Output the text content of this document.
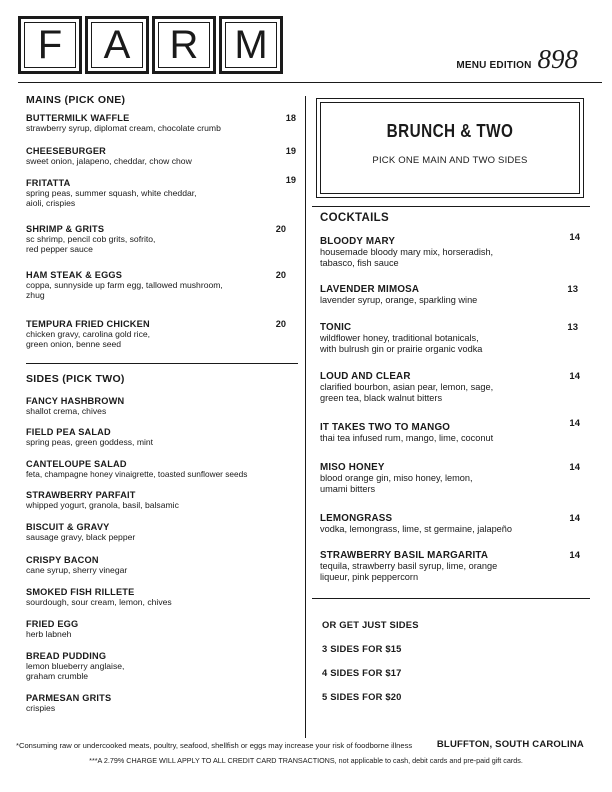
F A R M	MENU EDITION 898
MAINS (PICK ONE)
BUTTERMILK WAFFLE	18
strawberry syrup, diplomat cream, chocolate crumb
CHEESEBURGER	19
sweet onion, jalapeno, cheddar, chow chow
FRITATTA	19
spring peas, summer squash, white cheddar,
aioli, crispies
SHRIMP & GRITS	20
sc shrimp, pencil cob grits, sofrito,
red pepper sauce
HAM STEAK & EGGS	20
coppa, sunnyside up farm egg, tallowed mushroom,
zhug
TEMPURA FRIED CHICKEN	20
chicken gravy, carolina gold rice,
green onion, benne seed
SIDES (PICK TWO)
FANCY HASHBROWN
shallot crema, chives
FIELD PEA SALAD
spring peas, green goddess, mint
CANTELOUPE SALAD
feta, champagne honey vinaigrette, toasted sunflower seeds
STRAWBERRY PARFAIT
whipped yogurt, granola, basil, balsamic
BISCUIT & GRAVY
sausage gravy, black pepper
CRISPY BACON
cane syrup, sherry vinegar
SMOKED FISH RILLETE
sourdough, sour cream, lemon, chives
FRIED EGG
herb labneh
BREAD PUDDING
lemon blueberry anglaise,
graham crumble
PARMESAN GRITS
crispies
BRUNCH & TWO
PICK ONE MAIN AND TWO SIDES
COCKTAILS
BLOODY MARY	14
housemade bloody mary mix, horseradish,
tabasco, fish sauce
LAVENDER MIMOSA	13
lavender syrup, orange, sparkling wine
TONIC	13
wildflower honey, traditional botanicals,
with bulrush gin or prairie organic vodka
LOUD AND CLEAR	14
clarified bourbon, asian pear, lemon, sage,
green tea, black walnut bitters
IT TAKES TWO TO MANGO	14
thai tea infused rum, mango, lime, coconut
MISO HONEY	14
blood orange gin, miso honey, lemon,
umami bitters
LEMONGRASS	14
vodka, lemongrass, lime, st germaine, jalapeño
STRAWBERRY BASIL MARGARITA	14
tequila, strawberry basil syrup, lime, orange
liqueur, pink peppercorn
OR GET JUST SIDES
3 SIDES FOR $15
4 SIDES FOR $17
5 SIDES FOR $20
*Consuming raw or undercooked meats, poultry, seafood, shellfish or eggs may increase your risk of foodborne illness	BLUFFTON, SOUTH CAROLINA
***A 2.79% CHARGE WILL APPLY TO ALL CREDIT CARD TRANSACTIONS, not applicable to cash, debit cards and pre-paid gift cards.
